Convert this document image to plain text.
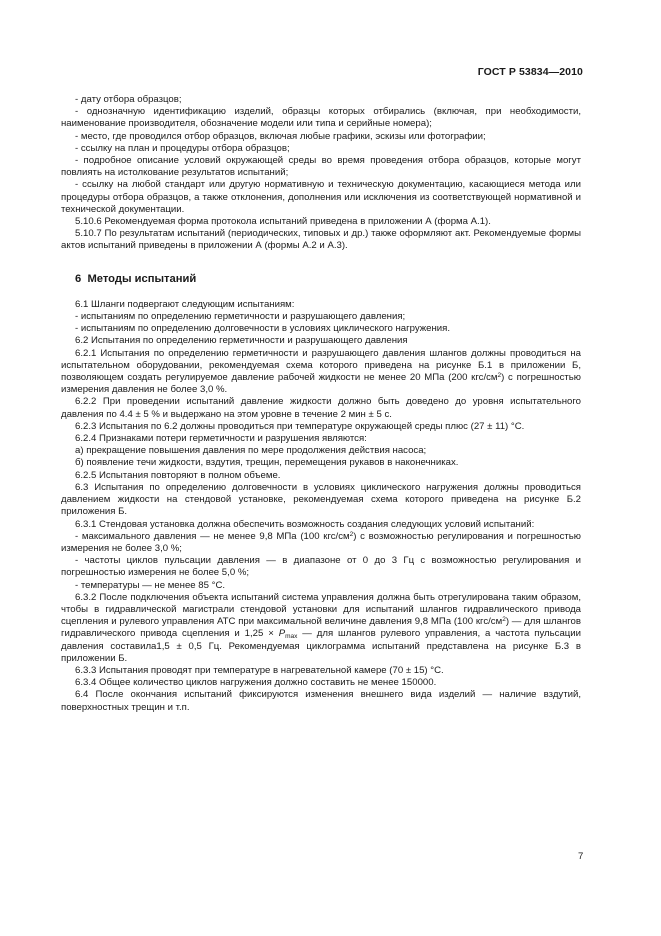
ГОСТ Р 53834—2010

- дату отбора образцов;

- однозначную идентификацию изделий, образцы которых отбирались (включая, при необходимости, наименование производителя, обозначение модели или типа и серийные номера);

- место, где проводился отбор образцов, включая любые графики, эскизы или фотографии;

- ссылку на план и процедуры отбора образцов;

- подробное описание условий окружающей среды во время проведения отбора образцов, которые могут повлиять на истолкование результатов испытаний;

- ссылку на любой стандарт или другую нормативную и техническую документацию, касающиеся метода или процедуры отбора образцов, а также отклонения, дополнения или исключения из соответствующей нормативной и технической документации.

5.10.6 Рекомендуемая форма протокола испытаний приведена в приложении А (форма А.1).

5.10.7 По результатам испытаний (периодических, типовых и др.) также оформляют акт. Рекомендуемые формы актов испытаний приведены в приложении А (формы А.2 и А.3).

6 Методы испытаний

6.1 Шланги подвергают следующим испытаниям:

- испытаниям по определению герметичности и разрушающего давления;

- испытаниям по определению долговечности в условиях циклического нагружения.

6.2 Испытания по определению герметичности и разрушающего давления

6.2.1 Испытания по определению герметичности и разрушающего давления шлангов должны проводиться на испытательном оборудовании, рекомендуемая схема которого приведена на рисунке Б.1 в приложении Б, позволяющем создать регулируемое давление рабочей жидкости не менее 20 МПа (200 кгс/$см^2$) с погрешностью измерения давления не более 3,0 %.

6.2.2 При проведении испытаний давление жидкости должно быть доведено до уровня испытательного давления по 4.4 ± 5 % и выдержано на этом уровне в течение 2 мин ± 5 с.

6.2.3 Испытания по 6.2 должны проводиться при температуре окружающей среды плюс (27 ± 11) °С.

6.2.4 Признаками потери герметичности и разрушения являются:

а) прекращение повышения давления по мере продолжения действия насоса;

б) появление течи жидкости, вздутия, трещин, перемещения рукавов в наконечниках.

6.2.5 Испытания повторяют в полном объеме.

6.3 Испытания по определению долговечности в условиях циклического нагружения должны проводиться давлением жидкости на стендовой установке, рекомендуемая схема которого приведена на рисунке Б.2 приложения Б.

6.3.1 Стендовая установка должна обеспечить возможность создания следующих условий испытаний:

- максимального давления — не менее 9,8 МПа (100 кгс/$см^2$) с возможностью регулирования и погрешностью измерения не более 3,0 %;

- частоты циклов пульсации давления — в диапазоне от 0 до 3 Гц с возможностью регулирования и погрешностью измерения не более 5,0 %;

- температуры — не менее 85 °С.

6.3.2 После подключения объекта испытаний система управления должна быть отрегулирована таким образом, чтобы в гидравлической магистрали стендовой установки для испытаний шлангов гидравлического привода сцепления и рулевого управления АТС при максимальной величине давления 9,8 МПа (100 кгс/$см^2$) — для шлангов гидравлического привода сцепления и $1,25 \times P_{max}$ — для шлангов рулевого управления, а частота пульсации давления составила1,5 ± 0,5 Гц. Рекомендуемая циклограмма испытаний представлена на рисунке Б.3 в приложении Б.

6.3.3 Испытания проводят при температуре в нагревательной камере (70 ± 15) °С.

6.3.4 Общее количество циклов нагружения должно составить не менее 150000.

6.4 После окончания испытаний фиксируются изменения внешнего вида изделий — наличие вздутий, поверхностных трещин и т.п.

7
